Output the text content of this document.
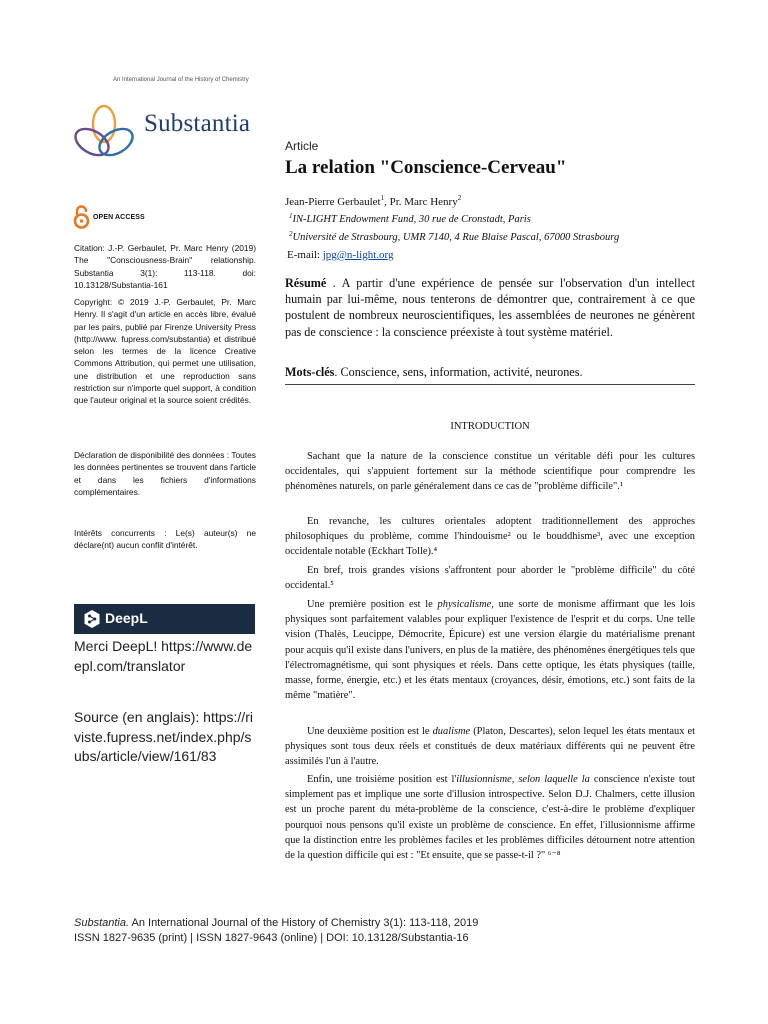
An International Journal of the History of Chemistry
Substantia
OPEN ACCESS
Citation: J.-P. Gerbaulet, Pr. Marc Henry (2019) The "Consciousness-Brain" relationship. Substantia 3(1): 113-118. doi: 10.13128/Substantia-161
Copyright: © 2019 J.-P. Gerbaulet, Pr. Marc Henry. Il s'agit d'un article en accès libre, évalué par les pairs, publié par Firenze University Press (http://www. fupress.com/substantia) et distribué selon les termes de la licence Creative Commons Attribution, qui permet une utilisation, une distribution et une reproduction sans restriction sur n'importe quel support, à condition que l'auteur original et la source soient crédités.
Déclaration de disponibilité des données : Toutes les données pertinentes se trouvent dans l'article et dans les fichiers d'informations complémentaires.
Intérêts concurrents : Le(s) auteur(s) ne déclare(nt) aucun conflit d'intérêt.
DeepL
Merci DeepL! https://www.deepl.com/translator
Source (en anglais): https://riviste.fupress.net/index.php/subs/article/view/161/83
Article
La relation "Conscience-Cerveau"
Jean-Pierre Gerbaulet$^1$, Pr. Marc Henry$^2$
$^1$IN-LIGHT Endowment Fund, 30 rue de Cronstadt, Paris
$^2$Université de Strasbourg, UMR 7140, 4 Rue Blaise Pascal, 67000 Strasbourg
E-mail: jpg@n-light.org
Résumé . A partir d'une expérience de pensée sur l'observation d'un intellect humain par lui-même, nous tenterons de démontrer que, contrairement à ce que postulent de nombreux neuroscientifiques, les assemblées de neurones ne génèrent pas de conscience : la conscience préexiste à tout système matériel.
Mots-clés. Conscience, sens, information, activité, neurones.
INTRODUCTION

Sachant que la nature de la conscience constitue un véritable défi pour les cultures occidentales, qui s'appuient fortement sur la méthode scientifique pour comprendre les phénomènes naturels, on parle généralement dans ce cas de "problème difficile".¹

En revanche, les cultures orientales adoptent traditionnellement des approches philosophiques du problème, comme l'hindouisme² ou le bouddhisme³, avec une exception occidentale notable (Eckhart Tolle).⁴

En bref, trois grandes visions s'affrontent pour aborder le "problème difficile" du côté occidental.⁵

Une première position est le physicalisme, une sorte de monisme affirmant que les lois physiques sont parfaitement valables pour expliquer l'existence de l'esprit et du corps. Une telle vision (Thalès, Leucippe, Démocrite, Épicure) est une version élargie du matérialisme prenant pour acquis qu'il existe dans l'univers, en plus de la matière, des phénomènes énergétiques tels que l'électromagnétisme, qui sont physiques et réels. Dans cette optique, les états physiques (taille, masse, forme, énergie, etc.) et les états mentaux (croyances, désir, émotions, etc.) sont faits de la même "matière".

Une deuxième position est le dualisme (Platon, Descartes), selon lequel les états mentaux et physiques sont tous deux réels et constitués de deux matériaux différents qui ne peuvent être assimilés l'un à l'autre.

Enfin, une troisième position est l'illusionnisme, selon laquelle la conscience n'existe tout simplement pas et implique une sorte d'illusion introspective. Selon D.J. Chalmers, cette illusion est un proche parent du méta-problème de la conscience, c'est-à-dire le problème d'expliquer pourquoi nous pensons qu'il existe un problème de conscience. En effet, l'illusionnisme affirme que la distinction entre les problèmes faciles et les problèmes difficiles détournent notre attention de la question difficile qui est : "Et ensuite, que se passe-t-il ?" ⁶⁻⁸

Substantia. An International Journal of the History of Chemistry 3(1): 113-118, 2019
ISSN 1827-9635 (print) | ISSN 1827-9643 (online) | DOI: 10.13128/Substantia-16
